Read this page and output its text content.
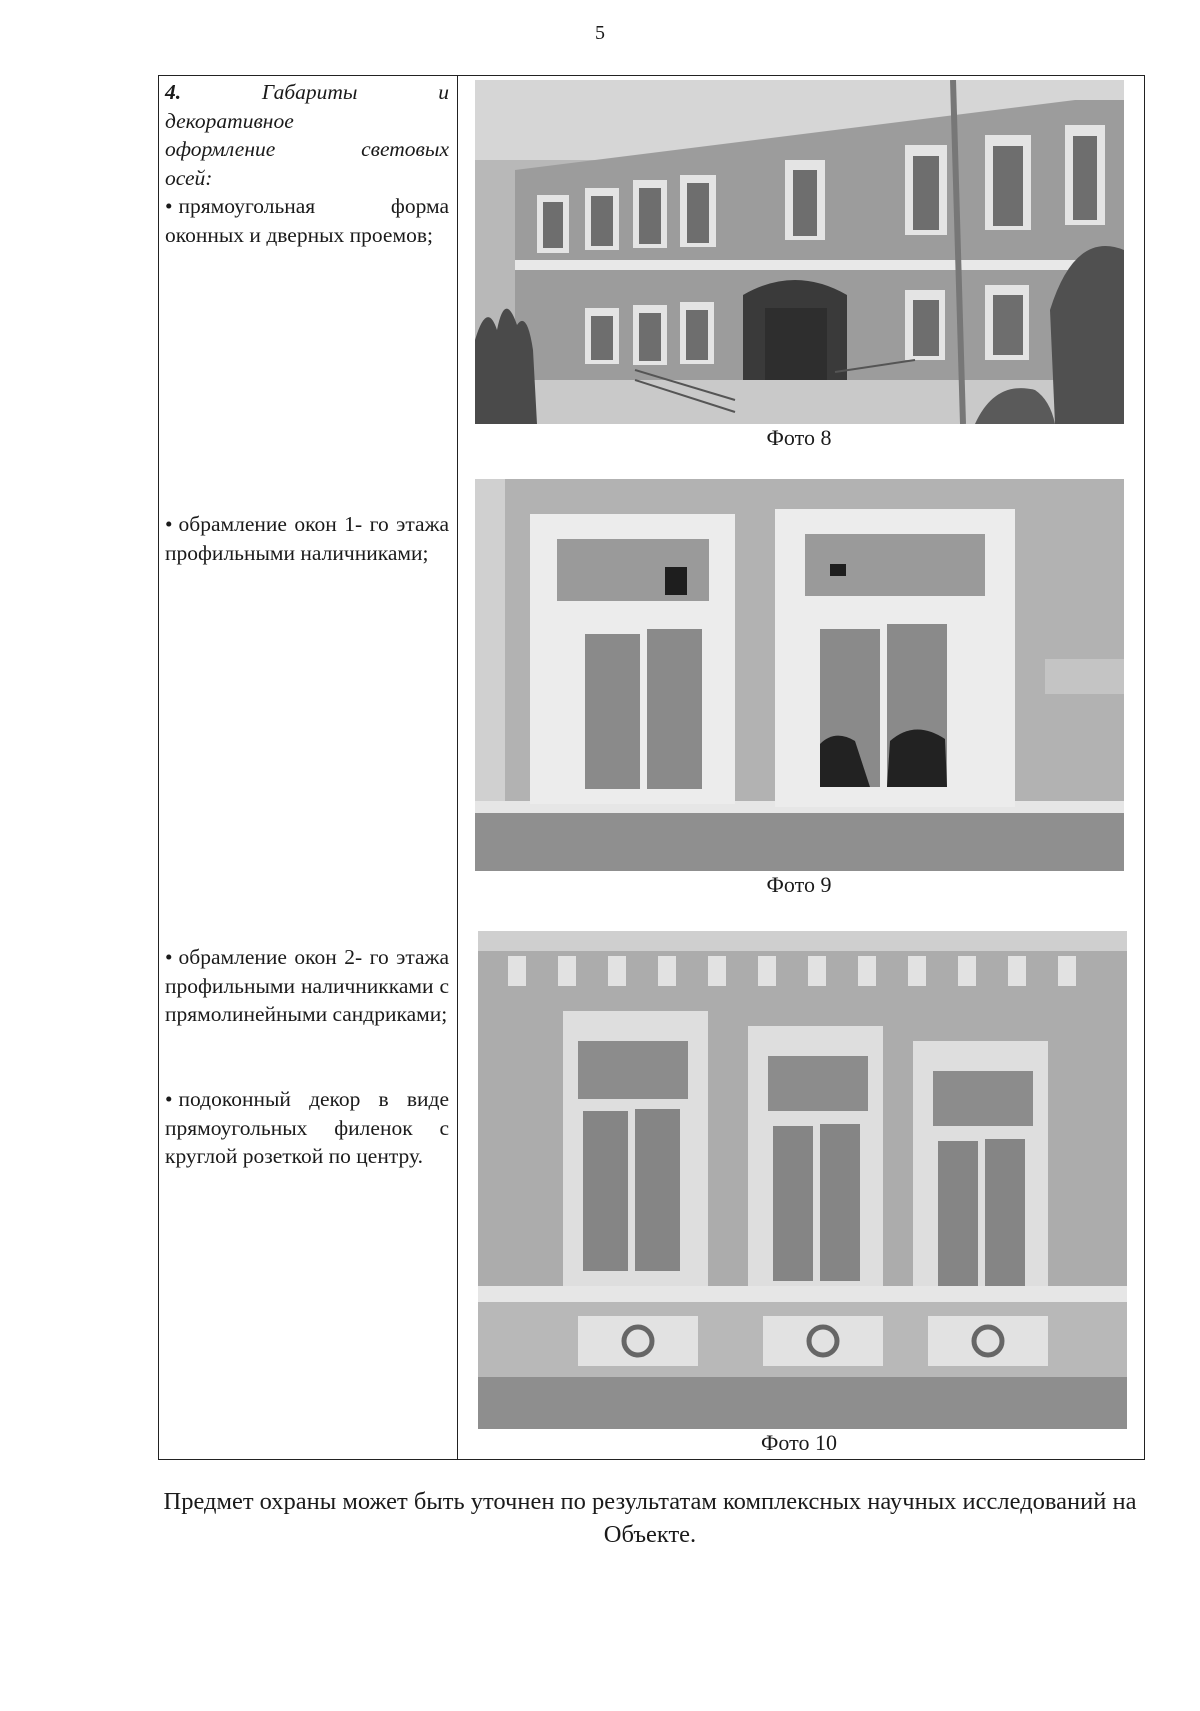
5
4.	Габариты	и
декоративное
оформление	световых
осей:
• прямоугольная форма оконных и дверных проемов;
• обрамление окон 1- го этажа профильными наличниками;
• обрамление окон 2- го этажа профильными наличникками с прямолинейными сандриками;
• подоконный декор в виде прямоугольных филенок с круглой розеткой по центру.
Фото 8
Фото 9
Фото 10
Предмет охраны может быть уточнен по результатам комплексных научных исследований на Объекте.
